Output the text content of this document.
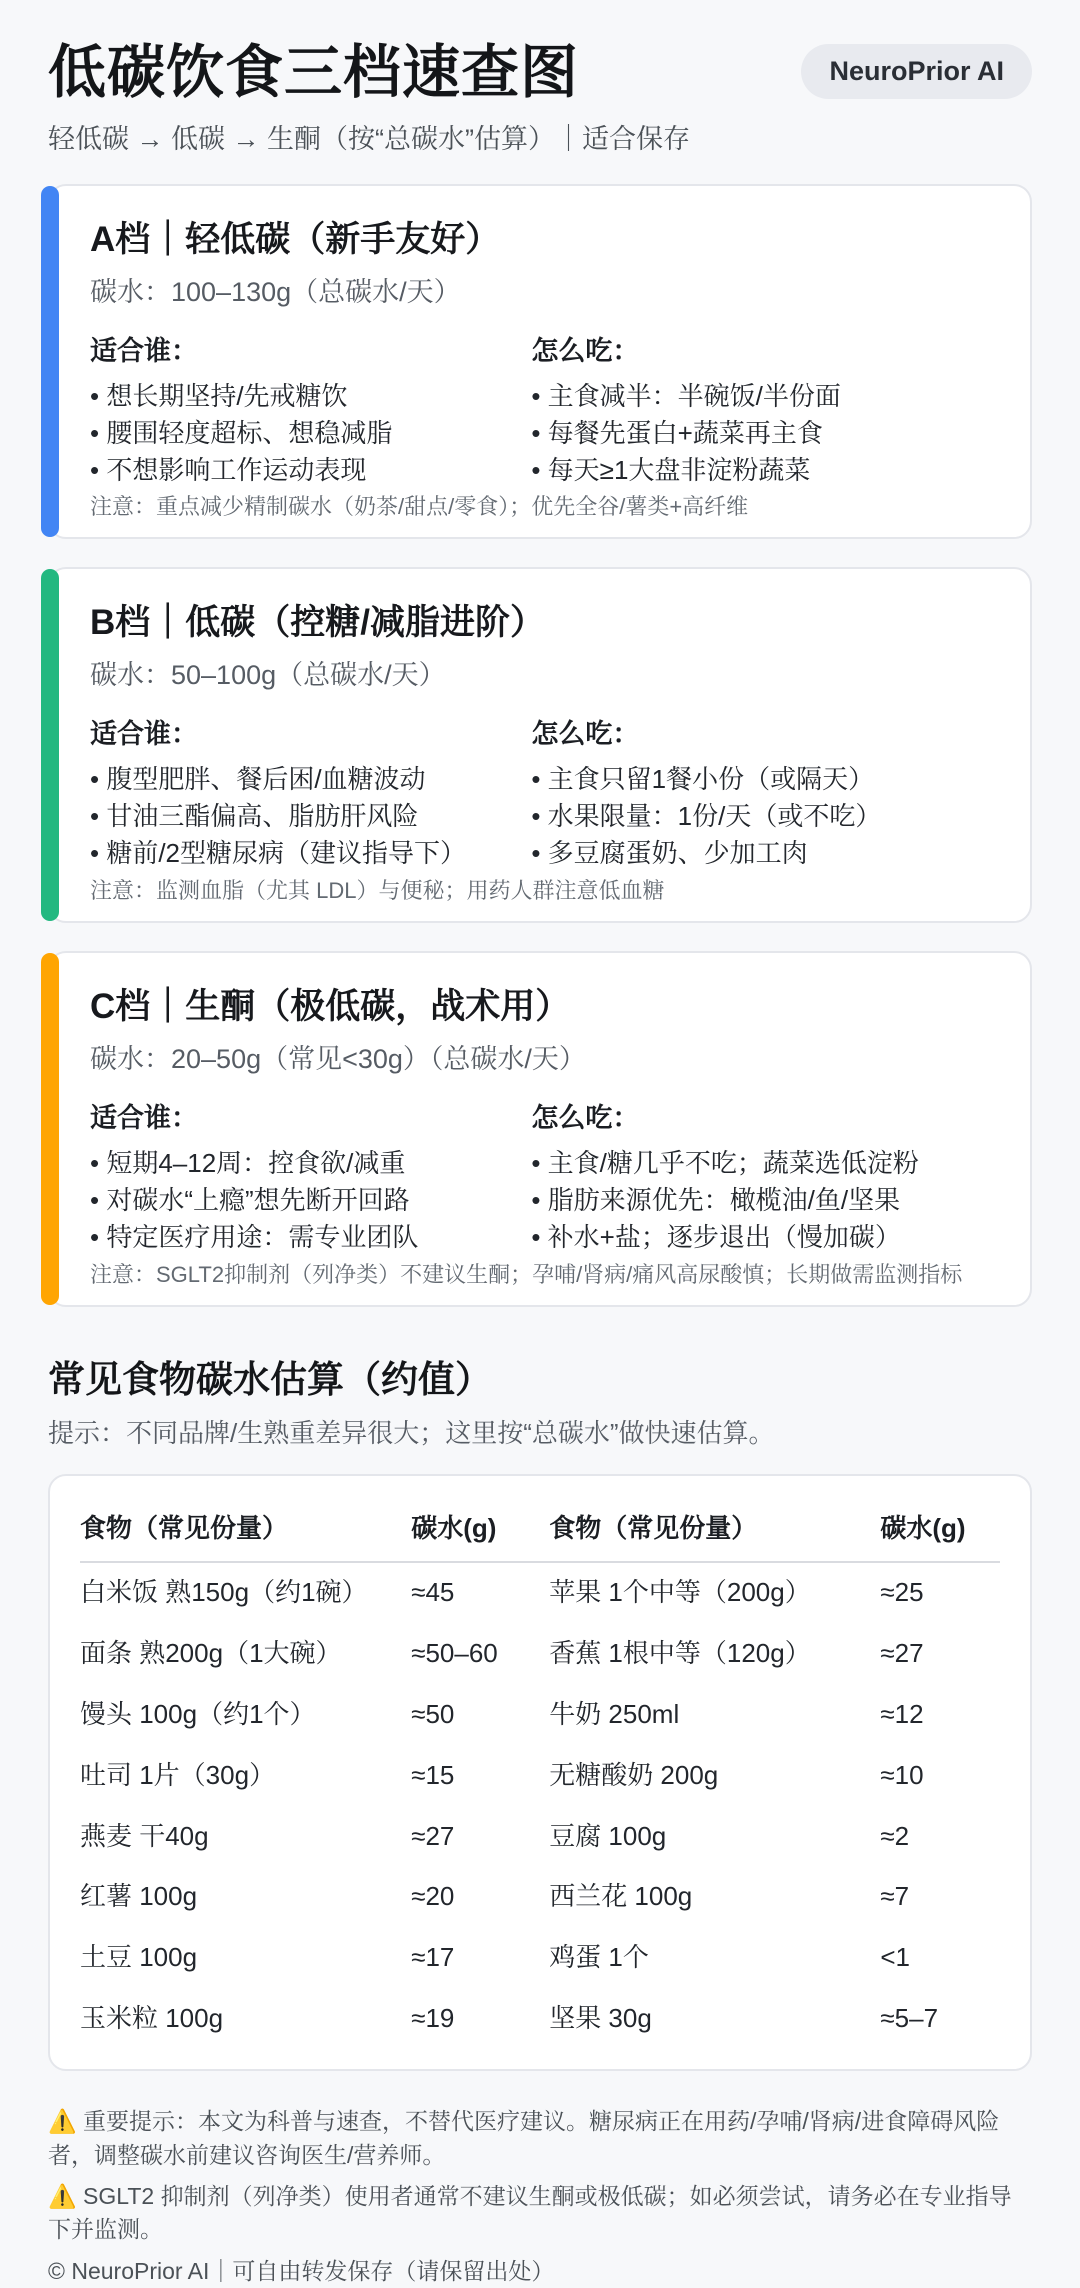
低碳饮食三档速查图
轻低碳 → 低碳 → 生酮（按“总碳水”估算）｜适合保存
NeuroPrior AI
A档｜轻低碳（新手友好）
碳水：100–130g（总碳水/天）
适合谁：
• 想长期坚持/先戒糖饮
• 腰围轻度超标、想稳减脂
• 不想影响工作运动表现
怎么吃：
• 主食减半：半碗饭/半份面
• 每餐先蛋白+蔬菜再主食
• 每天≥1大盘非淀粉蔬菜
注意：重点减少精制碳水（奶茶/甜点/零食）；优先全谷/薯类+高纤维
B档｜低碳（控糖/减脂进阶）
碳水：50–100g（总碳水/天）
适合谁：
• 腹型肥胖、餐后困/血糖波动
• 甘油三酯偏高、脂肪肝风险
• 糖前/2型糖尿病（建议指导下）
怎么吃：
• 主食只留1餐小份（或隔天）
• 水果限量：1份/天（或不吃）
• 多豆腐蛋奶、少加工肉
注意：监测血脂（尤其 LDL）与便秘；用药人群注意低血糖
C档｜生酮（极低碳，战术用）
碳水：20–50g（常见<30g）（总碳水/天）
适合谁：
• 短期4–12周：控食欲/减重
• 对碳水“上瘾”想先断开回路
• 特定医疗用途：需专业团队
怎么吃：
• 主食/糖几乎不吃；蔬菜选低淀粉
• 脂肪来源优先：橄榄油/鱼/坚果
• 补水+盐；逐步退出（慢加碳）
注意：SGLT2抑制剂（列净类）不建议生酮；孕哺/肾病/痛风高尿酸慎；长期做需监测指标
常见食物碳水估算（约值）
提示：不同品牌/生熟重差异很大；这里按“总碳水”做快速估算。
食物（常见份量）	碳水(g)	食物（常见份量）	碳水(g)
白米饭 熟150g（约1碗）	≈45	苹果 1个中等（200g）	≈25
面条 熟200g（1大碗）	≈50–60	香蕉 1根中等（120g）	≈27
馒头 100g（约1个）	≈50	牛奶 250ml	≈12
吐司 1片（30g）	≈15	无糖酸奶 200g	≈10
燕麦 干40g	≈27	豆腐 100g	≈2
红薯 100g	≈20	西兰花 100g	≈7
土豆 100g	≈17	鸡蛋 1个	<1
玉米粒 100g	≈19	坚果 30g	≈5–7
⚠️ 重要提示：本文为科普与速查，不替代医疗建议。糖尿病正在用药/孕哺/肾病/进食障碍风险者，调整碳水前建议咨询医生/营养师。
⚠️ SGLT2 抑制剂（列净类）使用者通常不建议生酮或极低碳；如必须尝试，请务必在专业指导下并监测。
© NeuroPrior AI｜可自由转发保存（请保留出处）
